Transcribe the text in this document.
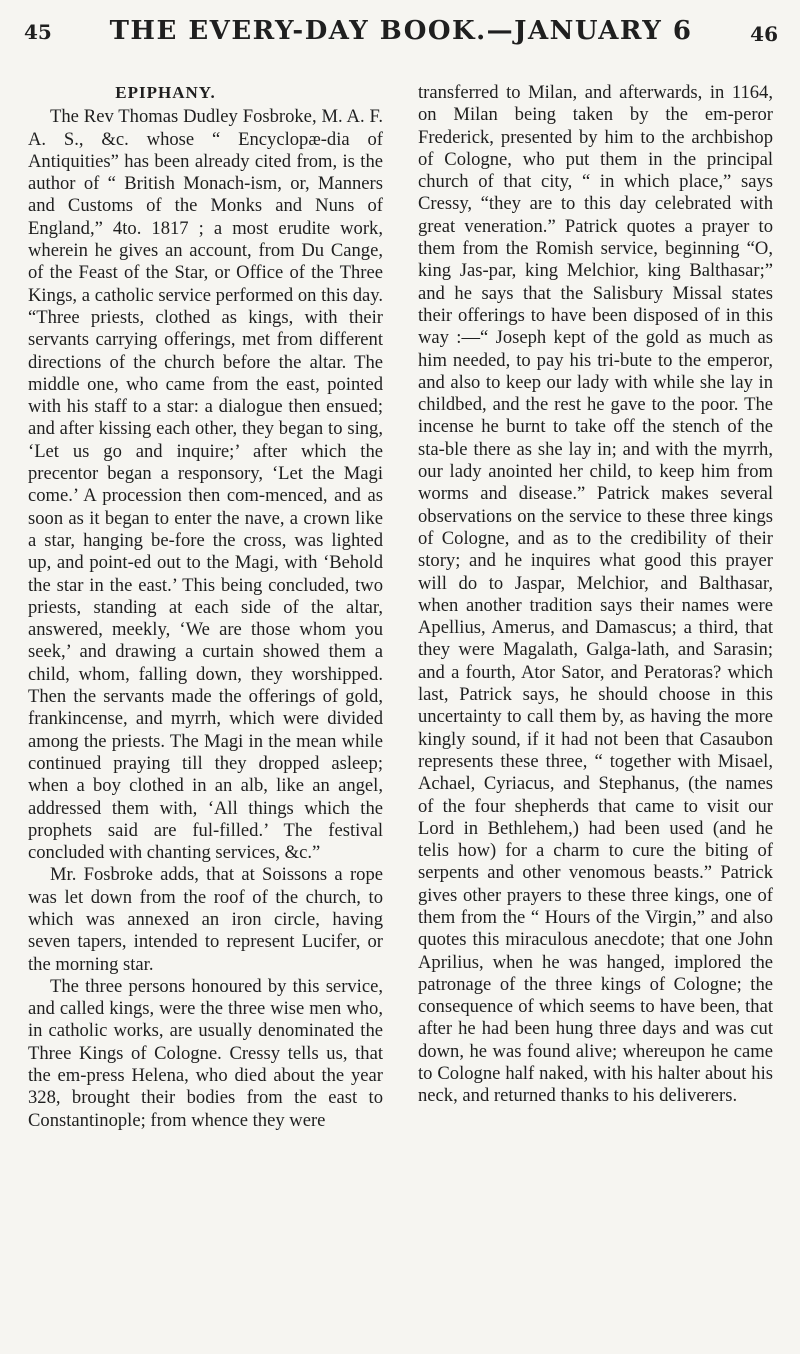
45	THE EVERY-DAY BOOK.—JANUARY 6	46
EPIPHANY.

The Rev Thomas Dudley Fosbroke, M. A. F. A. S., &c. whose “ Encyclopæ-dia of Antiquities” has been already cited from, is the author of “ British Monach-ism, or, Manners and Customs of the Monks and Nuns of England,” 4to. 1817 ; a most erudite work, wherein he gives an account, from Du Cange, of the Feast of the Star, or Office of the Three Kings, a catholic service performed on this day. “Three priests, clothed as kings, with their servants carrying offerings, met from different directions of the church before the altar. The middle one, who came from the east, pointed with his staff to a star: a dialogue then ensued; and after kissing each other, they began to sing, ‘Let us go and inquire;’ after which the precentor began a responsory, ‘Let the Magi come.’ A procession then com-menced, and as soon as it began to enter the nave, a crown like a star, hanging be-fore the cross, was lighted up, and point-ed out to the Magi, with ‘Behold the star in the east.’ This being concluded, two priests, standing at each side of the altar, answered, meekly, ‘We are those whom you seek,’ and drawing a curtain showed them a child, whom, falling down, they worshipped. Then the servants made the offerings of gold, frankincense, and myrrh, which were divided among the priests. The Magi in the mean while continued praying till they dropped asleep; when a boy clothed in an alb, like an angel, addressed them with, ‘All things which the prophets said are ful-filled.’ The festival concluded with chanting services, &c.”

Mr. Fosbroke adds, that at Soissons a rope was let down from the roof of the church, to which was annexed an iron circle, having seven tapers, intended to represent Lucifer, or the morning star.

The three persons honoured by this service, and called kings, were the three wise men who, in catholic works, are usually denominated the Three Kings of Cologne. Cressy tells us, that the em-press Helena, who died about the year 328, brought their bodies from the east to Constantinople; from whence they were

transferred to Milan, and afterwards, in 1164, on Milan being taken by the em-peror Frederick, presented by him to the archbishop of Cologne, who put them in the principal church of that city, “ in which place,” says Cressy, “they are to this day celebrated with great veneration.” Patrick quotes a prayer to them from the Romish service, beginning “O, king Jas-par, king Melchior, king Balthasar;” and he says that the Salisbury Missal states their offerings to have been disposed of in this way :—“ Joseph kept of the gold as much as him needed, to pay his tri-bute to the emperor, and also to keep our lady with while she lay in childbed, and the rest he gave to the poor. The incense he burnt to take off the stench of the sta-ble there as she lay in; and with the myrrh, our lady anointed her child, to keep him from worms and disease.” Patrick makes several observations on the service to these three kings of Cologne, and as to the credibility of their story; and he inquires what good this prayer will do to Jaspar, Melchior, and Balthasar, when another tradition says their names were Apellius, Amerus, and Damascus; a third, that they were Magalath, Galga-lath, and Sarasin; and a fourth, Ator Sator, and Peratoras? which last, Patrick says, he should choose in this uncertainty to call them by, as having the more kingly sound, if it had not been that Casaubon represents these three, “ together with Misael, Achael, Cyriacus, and Stephanus, (the names of the four shepherds that came to visit our Lord in Bethlehem,) had been used (and he telis how) for a charm to cure the biting of serpents and other venomous beasts.” Patrick gives other prayers to these three kings, one of them from the “ Hours of the Virgin,” and also quotes this miraculous anecdote; that one John Aprilius, when he was hanged, implored the patronage of the three kings of Cologne; the consequence of which seems to have been, that after he had been hung three days and was cut down, he was found alive; whereupon he came to Cologne half naked, with his halter about his neck, and returned thanks to his deliverers.
